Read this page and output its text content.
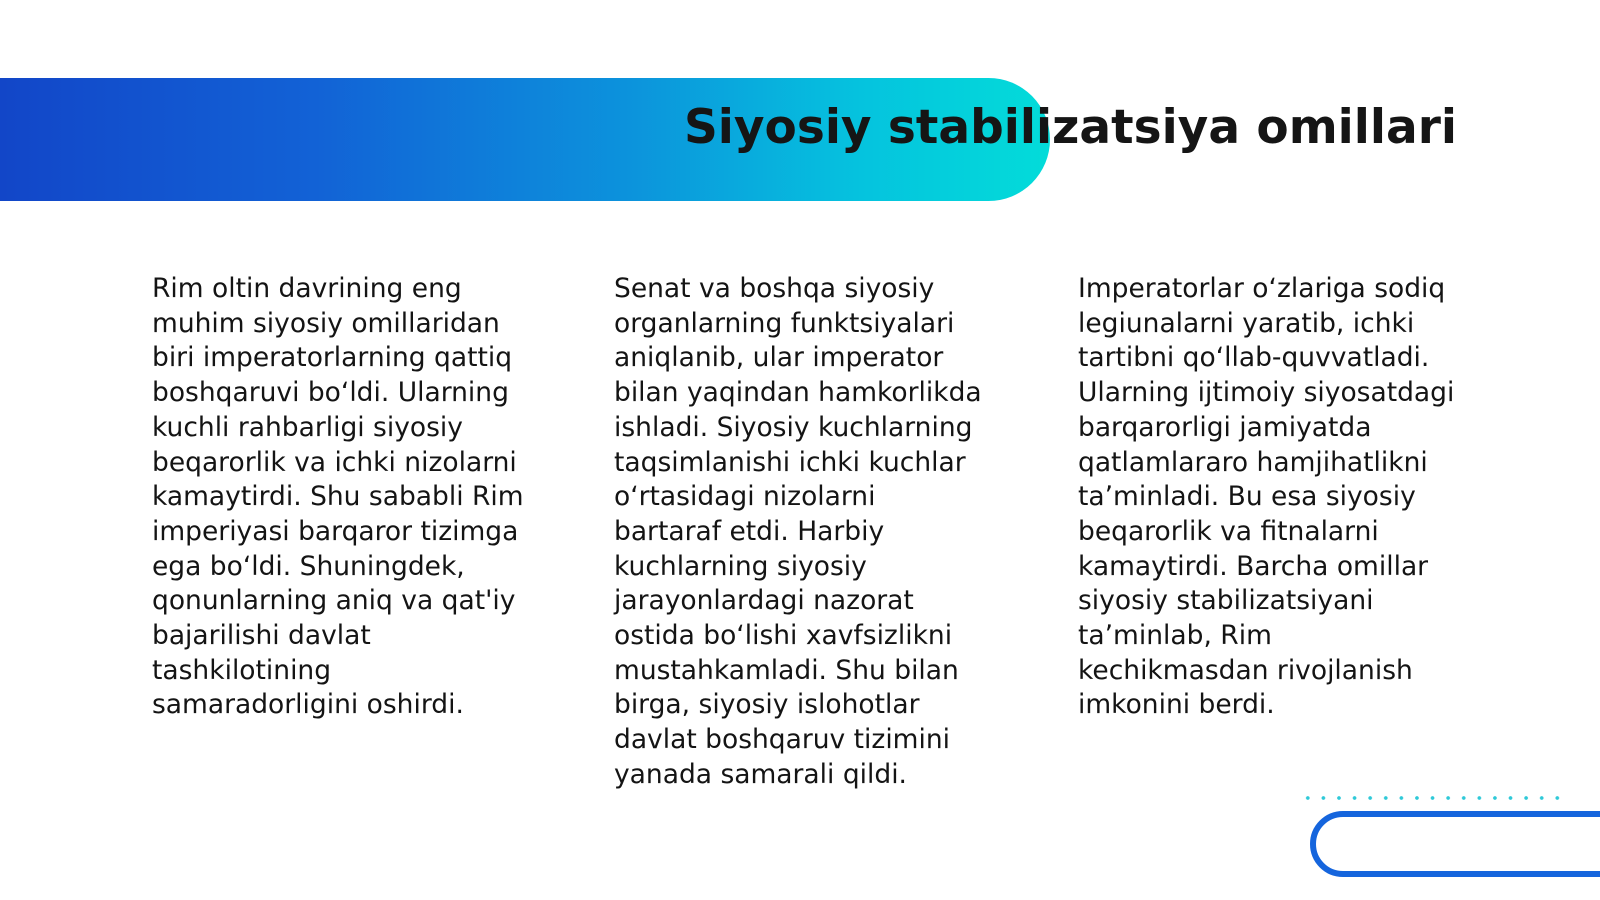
Siyosiy stabilizatsiya omillari

Rim oltin davrining eng muhim siyosiy omillaridan biri imperatorlarning qattiq boshqaruvi boʻldi. Ularning kuchli rahbarligi siyosiy beqarorlik va ichki nizolarni kamaytirdi. Shu sababli Rim imperiyasi barqaror tizimga ega boʻldi. Shuningdek, qonunlarning aniq va qat'iy bajarilishi davlat tashkilotining samaradorligini oshirdi.

Senat va boshqa siyosiy organlarning funktsiyalari aniqlanib, ular imperator bilan yaqindan hamkorlikda ishladi. Siyosiy kuchlarning taqsimlanishi ichki kuchlar oʻrtasidagi nizolarni bartaraf etdi. Harbiy kuchlarning siyosiy jarayonlardagi nazorat ostida boʻlishi xavfsizlikni mustahkamladi. Shu bilan birga, siyosiy islohotlar davlat boshqaruv tizimini yanada samarali qildi.

Imperatorlar oʻzlariga sodiq legiunalarni yaratib, ichki tartibni qoʻllab-quvvatladi. Ularning ijtimoiy siyosatdagi barqarorligi jamiyatda qatlamlararo hamjihatlikni taʼminladi. Bu esa siyosiy beqarorlik va fitnalarni kamaytirdi. Barcha omillar siyosiy stabilizatsiyani taʼminlab, Rim kechikmasdan rivojlanish imkonini berdi.
